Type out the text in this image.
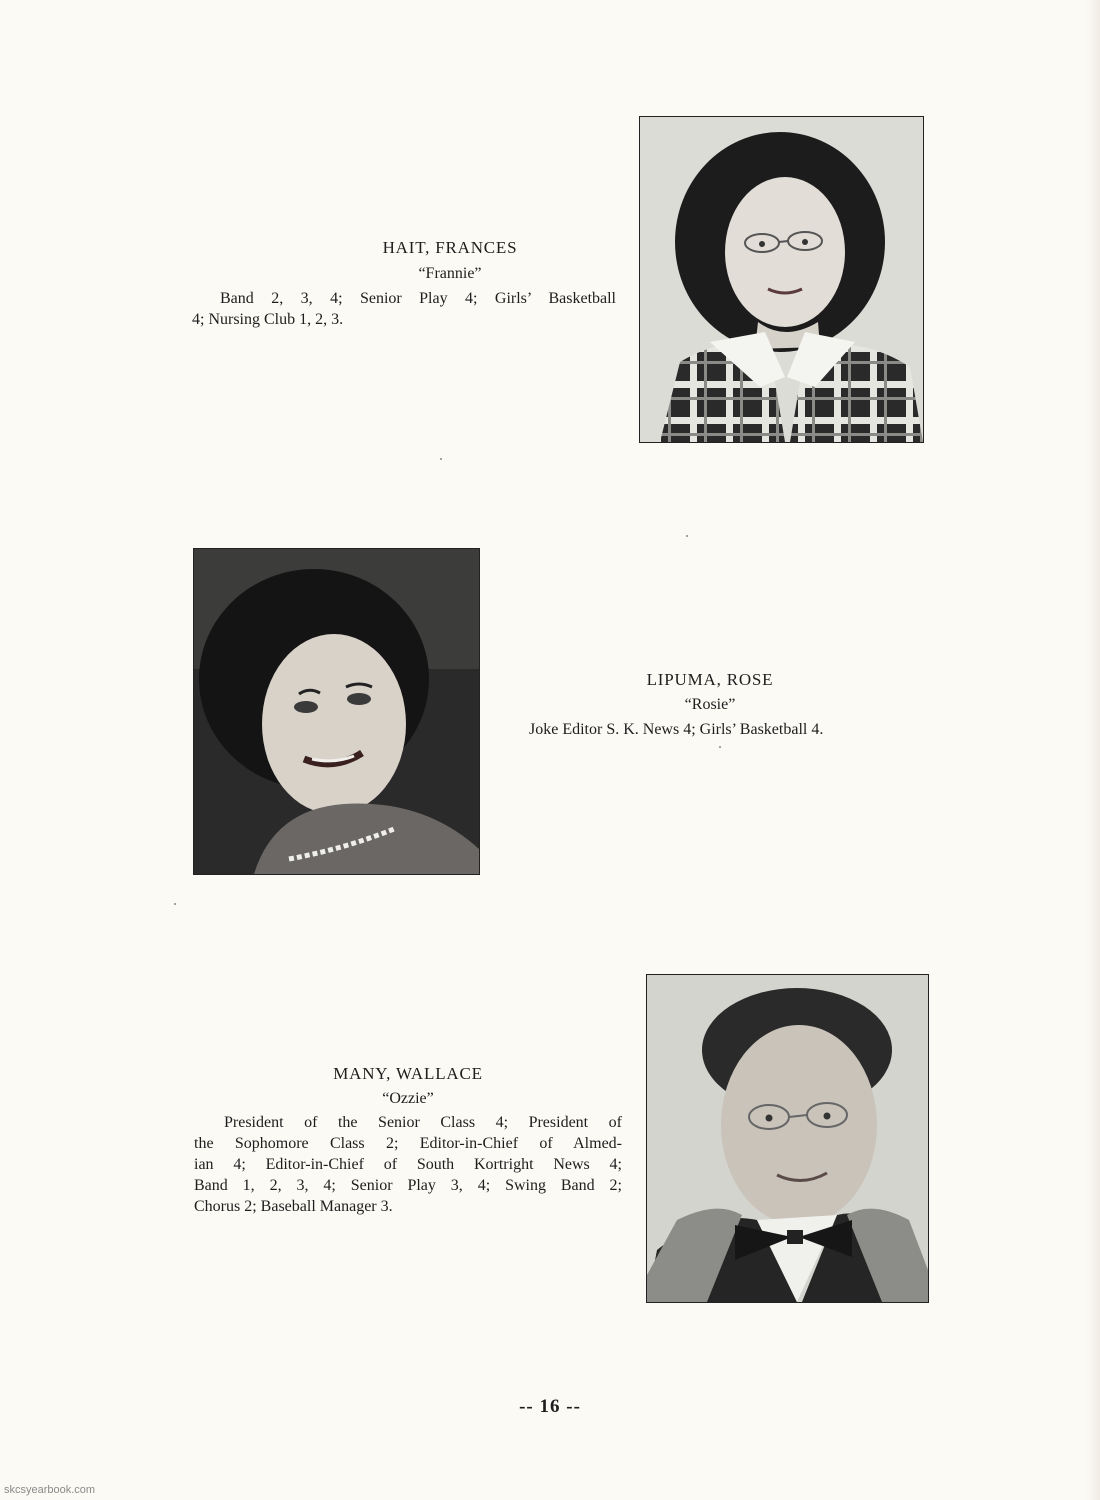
HAIT, FRANCES
“Frannie”
Band 2, 3, 4; Senior Play 4; Girls’ Basketball
4; Nursing Club 1, 2, 3.
LIPUMA, ROSE
“Rosie”
Joke Editor S. K. News 4; Girls’ Basketball 4.
MANY, WALLACE
“Ozzie”
President of the Senior Class 4; President of
the Sophomore Class 2; Editor-in-Chief of Almed-
ian 4; Editor-in-Chief of South Kortright News 4;
Band 1, 2, 3, 4; Senior Play 3, 4; Swing Band 2;
Chorus 2; Baseball Manager 3.
-- 16 --
skcsyearbook.com
